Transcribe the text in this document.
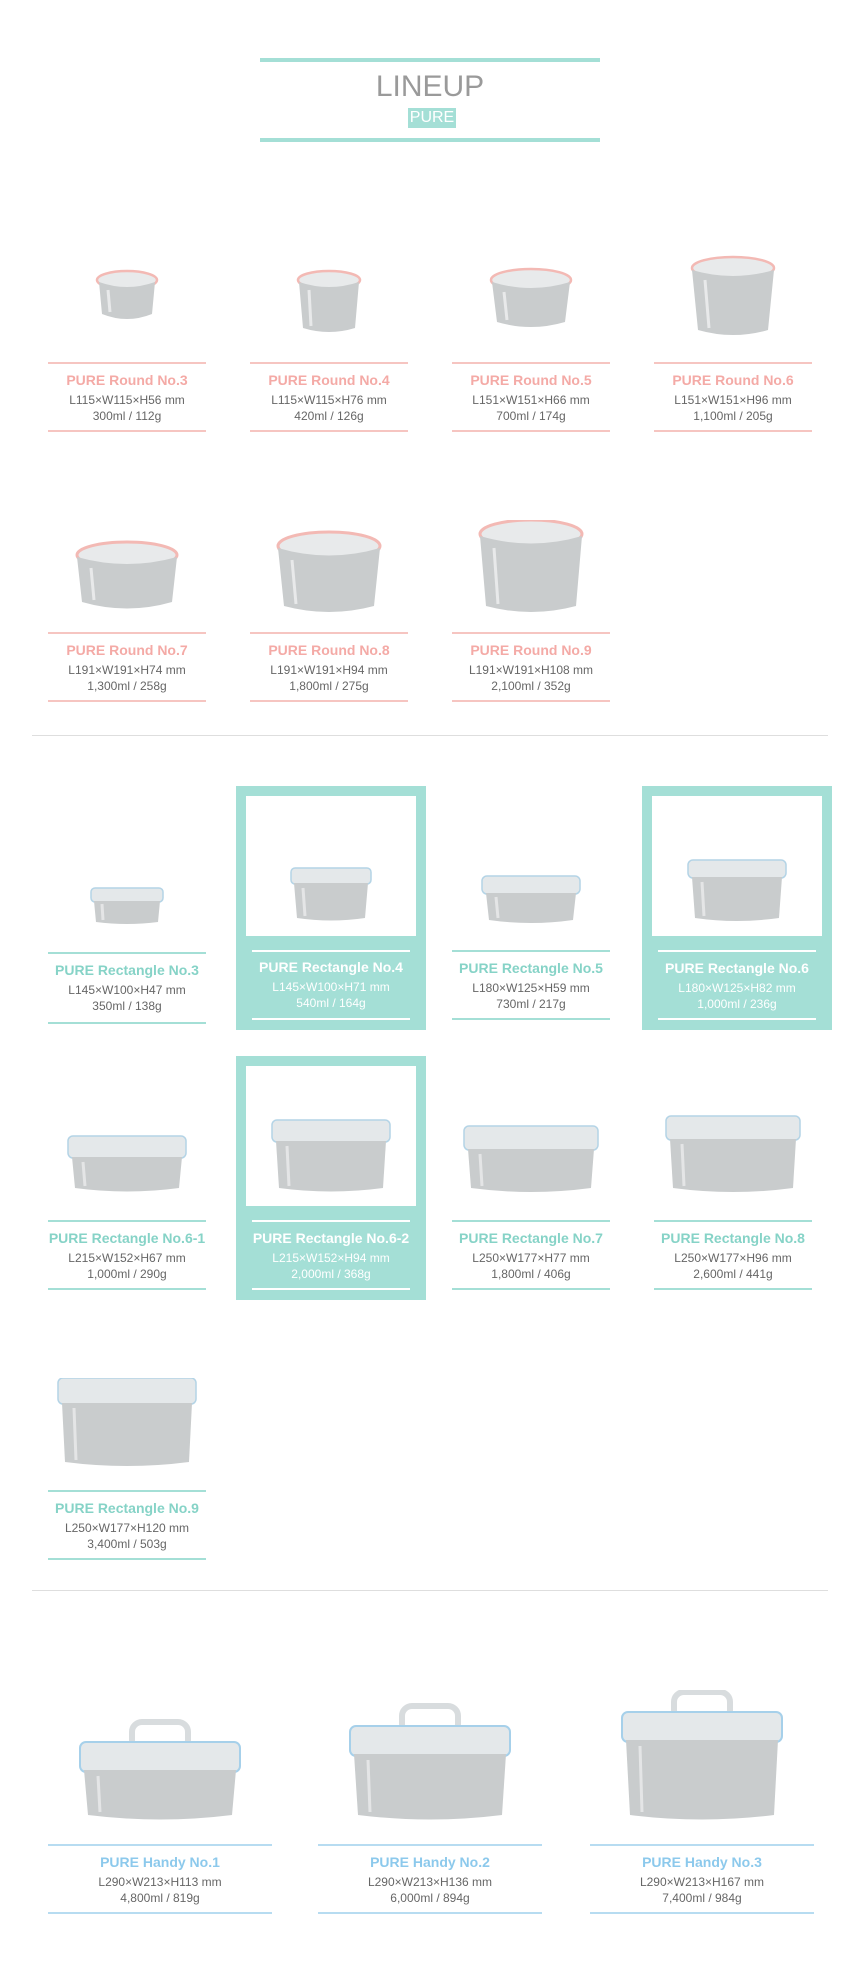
LINEUP
PURE
PURE Round No.3
L115×W115×H56 mm
300ml / 112g
PURE Round No.4
L115×W115×H76 mm
420ml / 126g
PURE Round No.5
L151×W151×H66 mm
700ml / 174g
PURE Round No.6
L151×W151×H96 mm
1,100ml / 205g
PURE Round No.7
L191×W191×H74 mm
1,300ml / 258g
PURE Round No.8
L191×W191×H94 mm
1,800ml / 275g
PURE Round No.9
L191×W191×H108 mm
2,100ml / 352g
PURE Rectangle No.3
L145×W100×H47 mm
350ml / 138g
PURE Rectangle No.4
L145×W100×H71 mm
540ml / 164g
PURE Rectangle No.5
L180×W125×H59 mm
730ml / 217g
PURE Rectangle No.6
L180×W125×H82 mm
1,000ml / 236g
PURE Rectangle No.6-1
L215×W152×H67 mm
1,000ml / 290g
PURE Rectangle No.6-2
L215×W152×H94 mm
2,000ml / 368g
PURE Rectangle No.7
L250×W177×H77 mm
1,800ml / 406g
PURE Rectangle No.8
L250×W177×H96 mm
2,600ml / 441g
PURE Rectangle No.9
L250×W177×H120 mm
3,400ml / 503g
PURE Handy No.1
L290×W213×H113 mm
4,800ml / 819g
PURE Handy No.2
L290×W213×H136 mm
6,000ml / 894g
PURE Handy No.3
L290×W213×H167 mm
7,400ml / 984g
